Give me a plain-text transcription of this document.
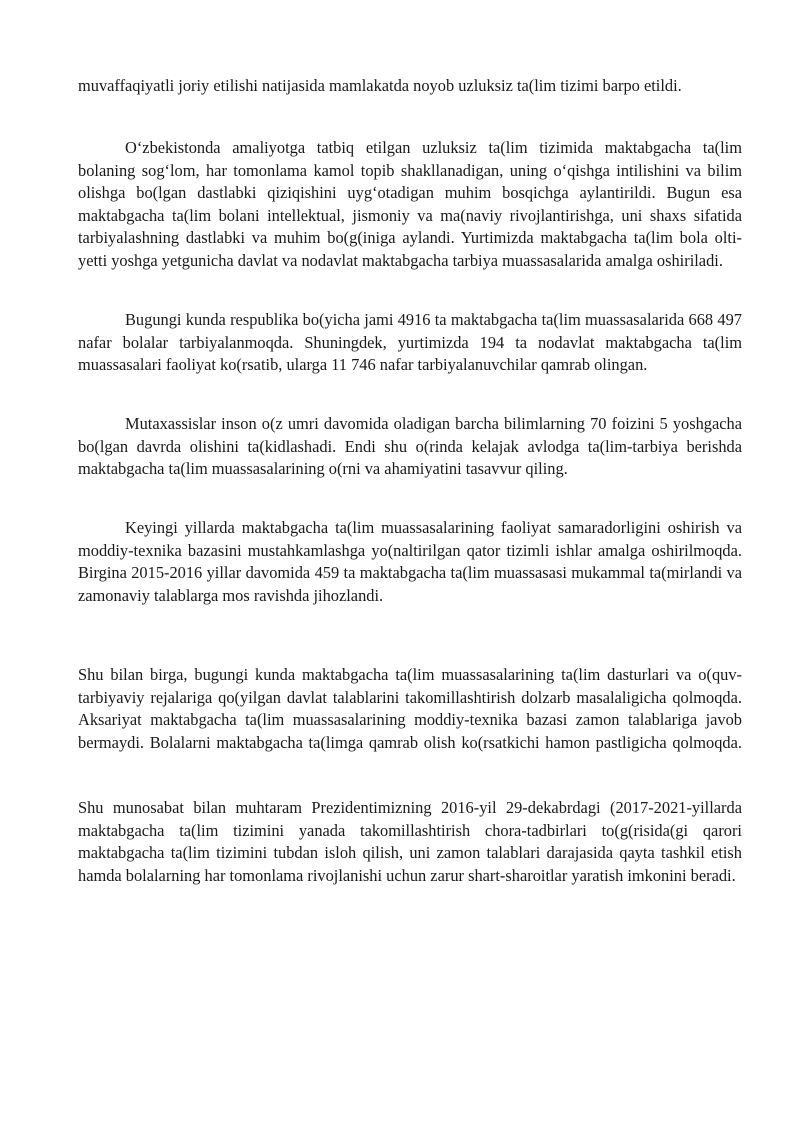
muvaffaqiyatli joriy etilishi natijasida mamlakatda noyob uzluksiz ta(lim tizimi barpo etildi.

O‘zbekistonda amaliyotga tatbiq etilgan uzluksiz ta(lim tizimida maktabgacha ta(lim bolaning sog‘lom, har tomonlama kamol topib shakllanadigan, uning o‘qishga intilishini va bilim olishga bo(lgan dastlabki qiziqishini uyg‘otadigan muhim bosqichga aylantirildi. Bugun esa maktabgacha ta(lim bolani intellektual, jismoniy va ma(naviy rivojlantirishga, uni shaxs sifatida tarbiyalashning dastlabki va muhim bo(g(iniga aylandi. Yurtimizda maktabgacha ta(lim bola olti-yetti yoshga yetgunicha davlat va nodavlat maktabgacha tarbiya muassasalarida amalga oshiriladi.

Bugungi kunda respublika bo(yicha jami 4916 ta maktabgacha ta(lim muassasalarida 668 497 nafar bolalar tarbiyalanmoqda. Shuningdek, yurtimizda 194 ta nodavlat maktabgacha ta(lim muassasalari faoliyat ko(rsatib, ularga 11 746 nafar tarbiyalanuvchilar qamrab olingan.

Mutaxassislar inson o(z umri davomida oladigan barcha bilimlarning 70 foizini 5 yoshgacha bo(lgan davrda olishini ta(kidlashadi. Endi shu o(rinda kelajak avlodga ta(lim-tarbiya berishda maktabgacha ta(lim muassasalarining o(rni va ahamiyatini tasavvur qiling.

Keyingi yillarda maktabgacha ta(lim muassasalarining faoliyat samaradorligini oshirish va moddiy-texnika bazasini mustahkamlashga yo(naltirilgan qator tizimli ishlar amalga oshirilmoqda. Birgina 2015-2016 yillar davomida 459 ta maktabgacha ta(lim muassasasi mukammal ta(mirlandi va zamonaviy talablarga mos ravishda jihozlandi.

Shu bilan birga, bugungi kunda maktabgacha ta(lim muassasalarining ta(lim dasturlari va o(quv-tarbiyaviy rejalariga qo(yilgan davlat talablarini takomillashtirish dolzarb masalaligicha qolmoqda. Aksariyat maktabgacha ta(lim muassasalarining moddiy-texnika bazasi zamon talablariga javob bermaydi. Bolalarni maktabgacha ta(limga qamrab olish ko(rsatkichi hamon pastligicha qolmoqda.

Shu munosabat bilan muhtaram Prezidentimizning 2016-yil 29-dekabrdagi (2017-2021-yillarda maktabgacha ta(lim tizimini yanada takomillashtirish chora-tadbirlari to(g(risida(gi qarori maktabgacha ta(lim tizimini tubdan isloh qilish, uni zamon talablari darajasida qayta tashkil etish hamda bolalarning har tomonlama rivojlanishi uchun zarur shart-sharoitlar yaratish imkonini beradi.
